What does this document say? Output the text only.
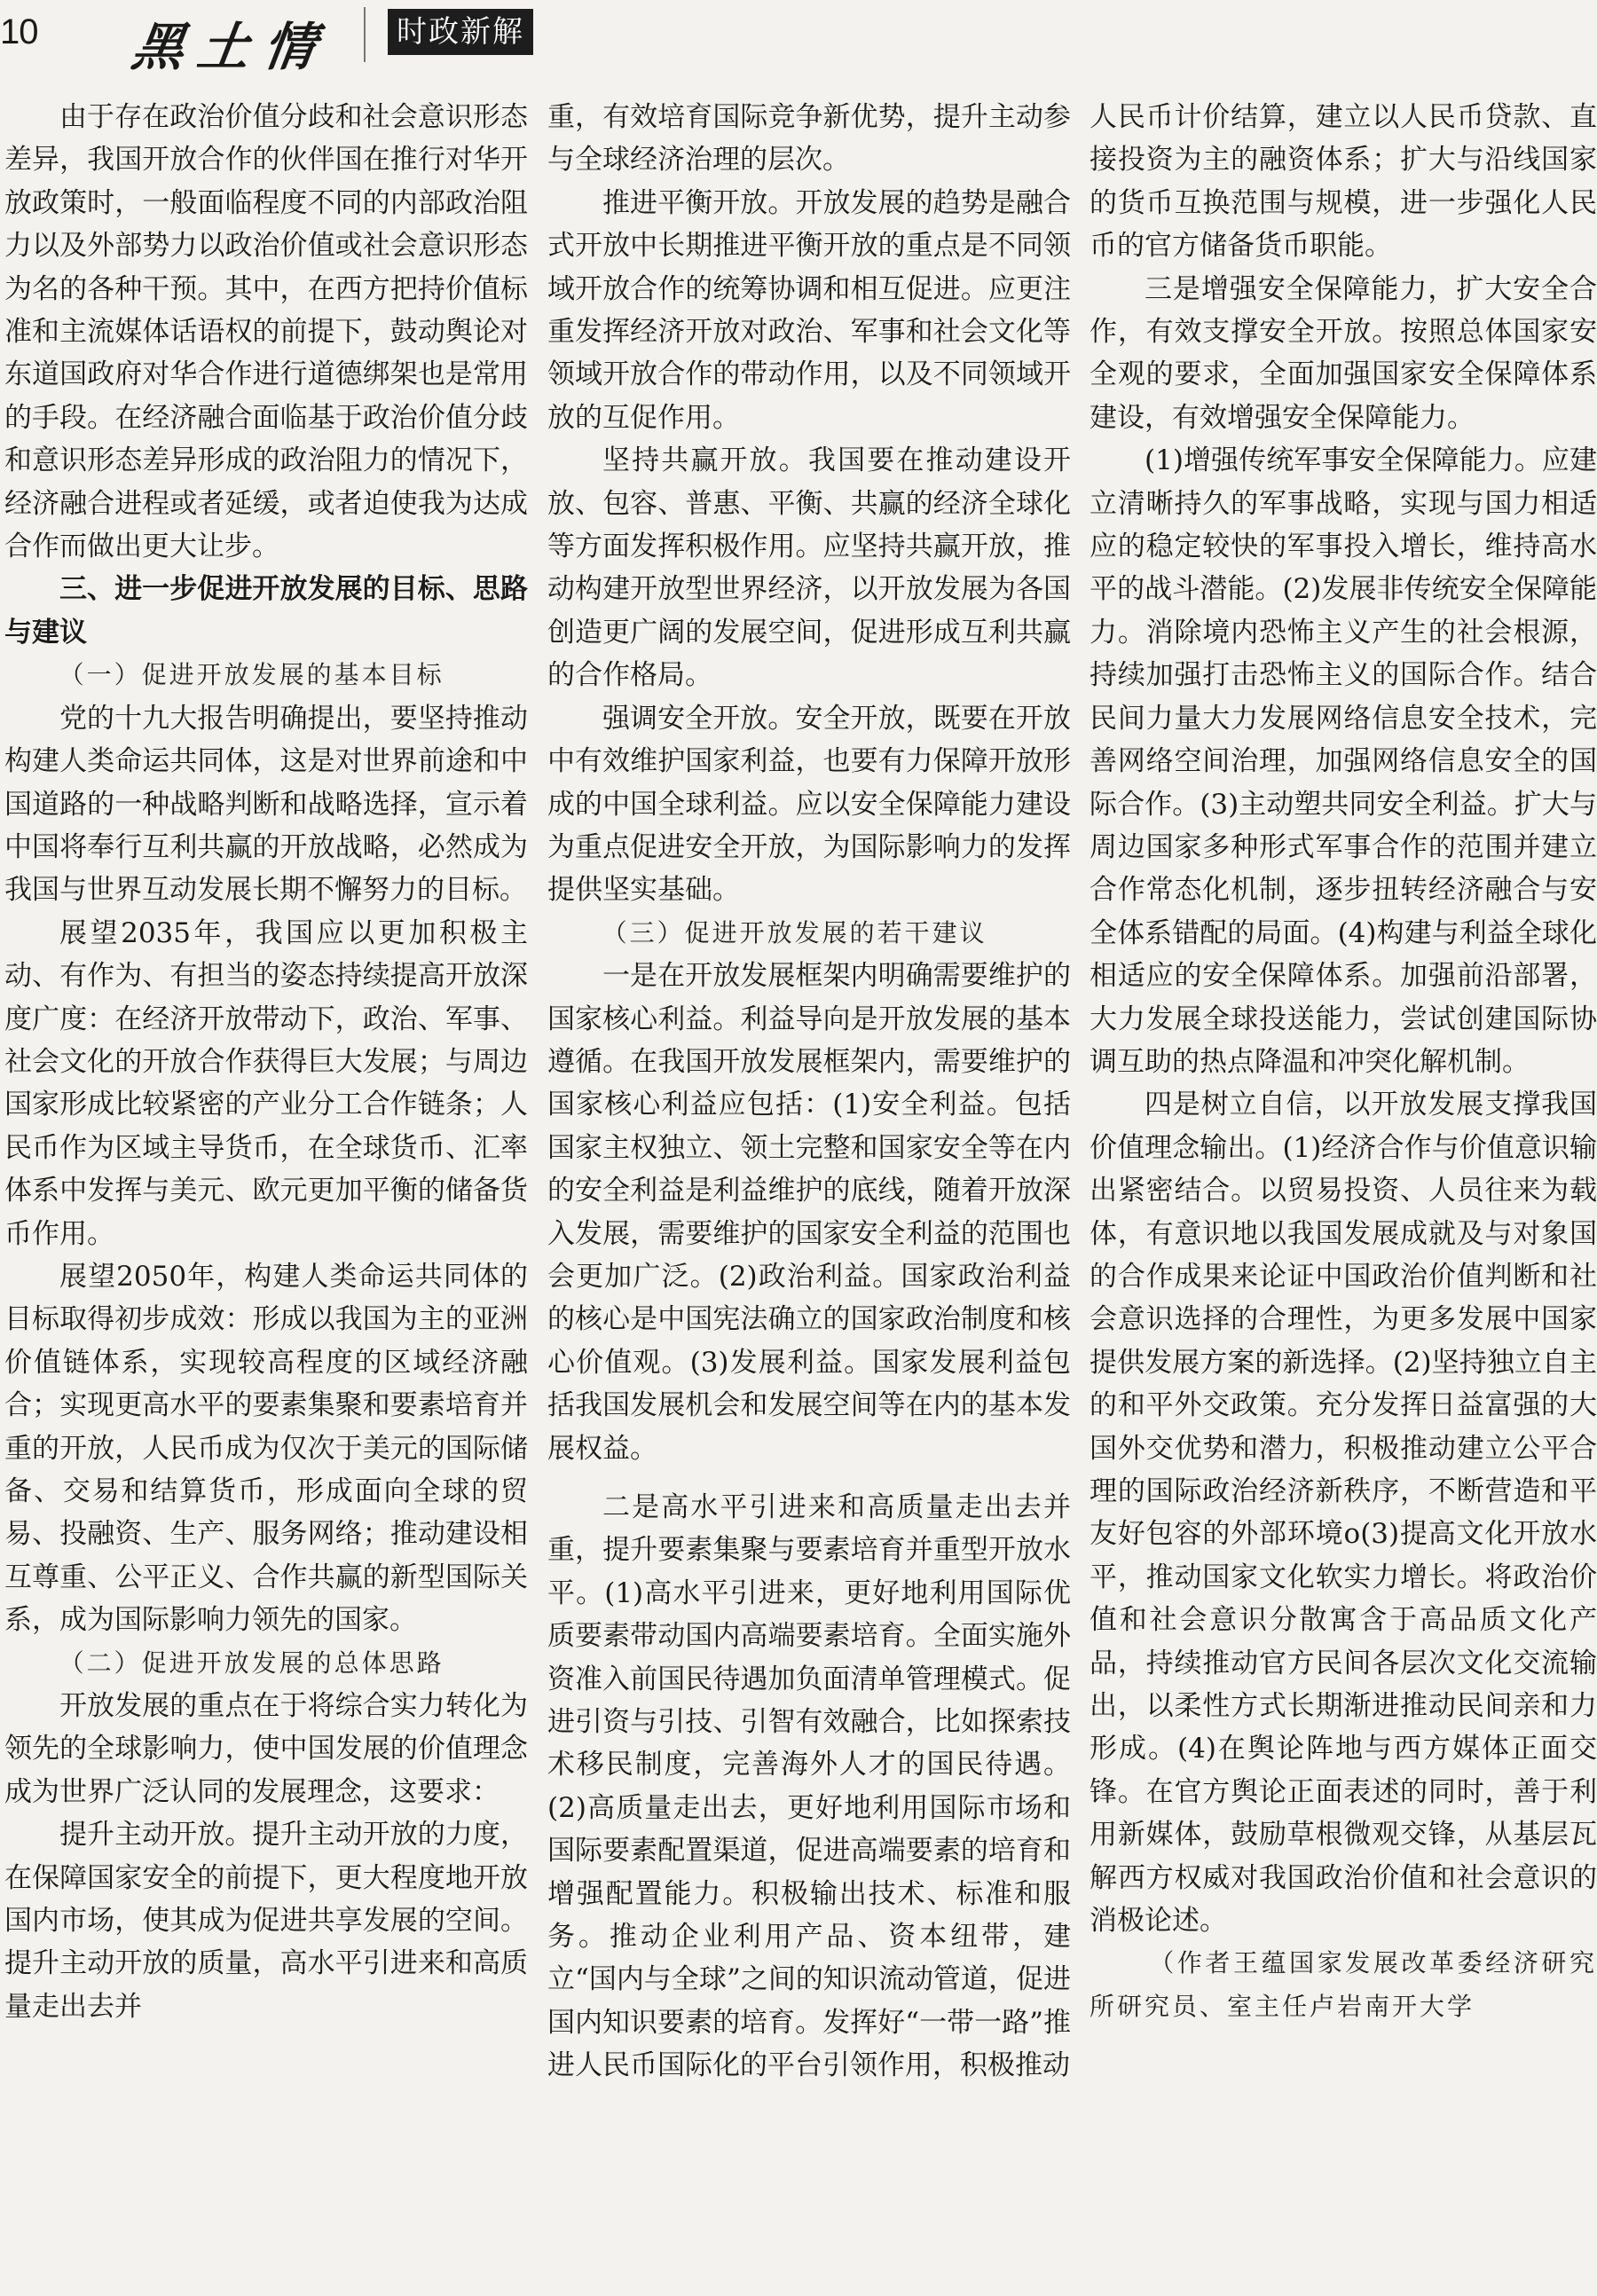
10 黑土情 时政新解

由于存在政治价值分歧和社会意识形态差异，我国开放合作的伙伴国在推行对华开放政策时，一般面临程度不同的内部政治阻力以及外部势力以政治价值或社会意识形态为名的各种干预。其中，在西方把持价值标准和主流媒体话语权的前提下，鼓动舆论对东道国政府对华合作进行道德绑架也是常用的手段。在经济融合面临基于政治价值分歧和意识形态差异形成的政治阻力的情况下，经济融合进程或者延缓，或者迫使我为达成合作而做出更大让步。

三、进一步促进开放发展的目标、思路与建议

（一）促进开放发展的基本目标

党的十九大报告明确提出，要坚持推动构建人类命运共同体，这是对世界前途和中国道路的一种战略判断和战略选择，宣示着中国将奉行互利共赢的开放战略，必然成为我国与世界互动发展长期不懈努力的目标。

展望2035年，我国应以更加积极主动、有作为、有担当的姿态持续提高开放深度广度：在经济开放带动下，政治、军事、社会文化的开放合作获得巨大发展；与周边国家形成比较紧密的产业分工合作链条；人民币作为区域主导货币，在全球货币、汇率体系中发挥与美元、欧元更加平衡的储备货币作用。

展望2050年，构建人类命运共同体的目标取得初步成效：形成以我国为主的亚洲价值链体系，实现较高程度的区域经济融合；实现更高水平的要素集聚和要素培育并重的开放，人民币成为仅次于美元的国际储备、交易和结算货币，形成面向全球的贸易、投融资、生产、服务网络；推动建设相互尊重、公平正义、合作共赢的新型国际关系，成为国际影响力领先的国家。

（二）促进开放发展的总体思路

开放发展的重点在于将综合实力转化为领先的全球影响力，使中国发展的价值理念成为世界广泛认同的发展理念，这要求：

提升主动开放。提升主动开放的力度，在保障国家安全的前提下，更大程度地开放国内市场，使其成为促进共享发展的空间。提升主动开放的质量，高水平引进来和高质量走出去并

重，有效培育国际竞争新优势，提升主动参与全球经济治理的层次。

推进平衡开放。开放发展的趋势是融合式开放中长期推进平衡开放的重点是不同领域开放合作的统筹协调和相互促进。应更注重发挥经济开放对政治、军事和社会文化等领域开放合作的带动作用，以及不同领域开放的互促作用。

坚持共赢开放。我国要在推动建设开放、包容、普惠、平衡、共赢的经济全球化等方面发挥积极作用。应坚持共赢开放，推动构建开放型世界经济，以开放发展为各国创造更广阔的发展空间，促进形成互利共赢的合作格局。

强调安全开放。安全开放，既要在开放中有效维护国家利益，也要有力保障开放形成的中国全球利益。应以安全保障能力建设为重点促进安全开放，为国际影响力的发挥提供坚实基础。

（三）促进开放发展的若干建议

一是在开放发展框架内明确需要维护的国家核心利益。利益导向是开放发展的基本遵循。在我国开放发展框架内，需要维护的国家核心利益应包括：(1)安全利益。包括国家主权独立、领土完整和国家安全等在内的安全利益是利益维护的底线，随着开放深入发展，需要维护的国家安全利益的范围也会更加广泛。(2)政治利益。国家政治利益的核心是中国宪法确立的国家政治制度和核心价值观。(3)发展利益。国家发展利益包括我国发展机会和发展空间等在内的基本发展权益。

二是高水平引进来和高质量走出去并重，提升要素集聚与要素培育并重型开放水平。(1)高水平引进来，更好地利用国际优质要素带动国内高端要素培育。全面实施外资准入前国民待遇加负面清单管理模式。促进引资与引技、引智有效融合，比如探索技术移民制度，完善海外人才的国民待遇。(2)高质量走出去，更好地利用国际市场和国际要素配置渠道，促进高端要素的培育和增强配置能力。积极输出技术、标准和服务。推动企业利用产品、资本纽带，建立“国内与全球”之间的知识流动管道，促进国内知识要素的培育。发挥好“一带一路”推进人民币国际化的平台引领作用，积极推动

人民币计价结算，建立以人民币贷款、直接投资为主的融资体系；扩大与沿线国家的货币互换范围与规模，进一步强化人民币的官方储备货币职能。

三是增强安全保障能力，扩大安全合作，有效支撑安全开放。按照总体国家安全观的要求，全面加强国家安全保障体系建设，有效增强安全保障能力。

(1)增强传统军事安全保障能力。应建立清晰持久的军事战略，实现与国力相适应的稳定较快的军事投入增长，维持高水平的战斗潜能。(2)发展非传统安全保障能力。消除境内恐怖主义产生的社会根源，持续加强打击恐怖主义的国际合作。结合民间力量大力发展网络信息安全技术，完善网络空间治理，加强网络信息安全的国际合作。(3)主动塑共同安全利益。扩大与周边国家多种形式军事合作的范围并建立合作常态化机制，逐步扭转经济融合与安全体系错配的局面。(4)构建与利益全球化相适应的安全保障体系。加强前沿部署，大力发展全球投送能力，尝试创建国际协调互助的热点降温和冲突化解机制。

四是树立自信，以开放发展支撑我国价值理念输出。(1)经济合作与价值意识输出紧密结合。以贸易投资、人员往来为载体，有意识地以我国发展成就及与对象国的合作成果来论证中国政治价值判断和社会意识选择的合理性，为更多发展中国家提供发展方案的新选择。(2)坚持独立自主的和平外交政策。充分发挥日益富强的大国外交优势和潜力，积极推动建立公平合理的国际政治经济新秩序，不断营造和平友好包容的外部环境o(3)提高文化开放水平，推动国家文化软实力增长。将政治价值和社会意识分散寓含于高品质文化产品，持续推动官方民间各层次文化交流输出，以柔性方式长期渐进推动民间亲和力形成。(4)在舆论阵地与西方媒体正面交锋。在官方舆论正面表述的同时，善于利用新媒体，鼓励草根微观交锋，从基层瓦解西方权威对我国政治价值和社会意识的消极论述。

（作者王蕴国家发展改革委经济研究所研究员、室主任卢岩南开大学
